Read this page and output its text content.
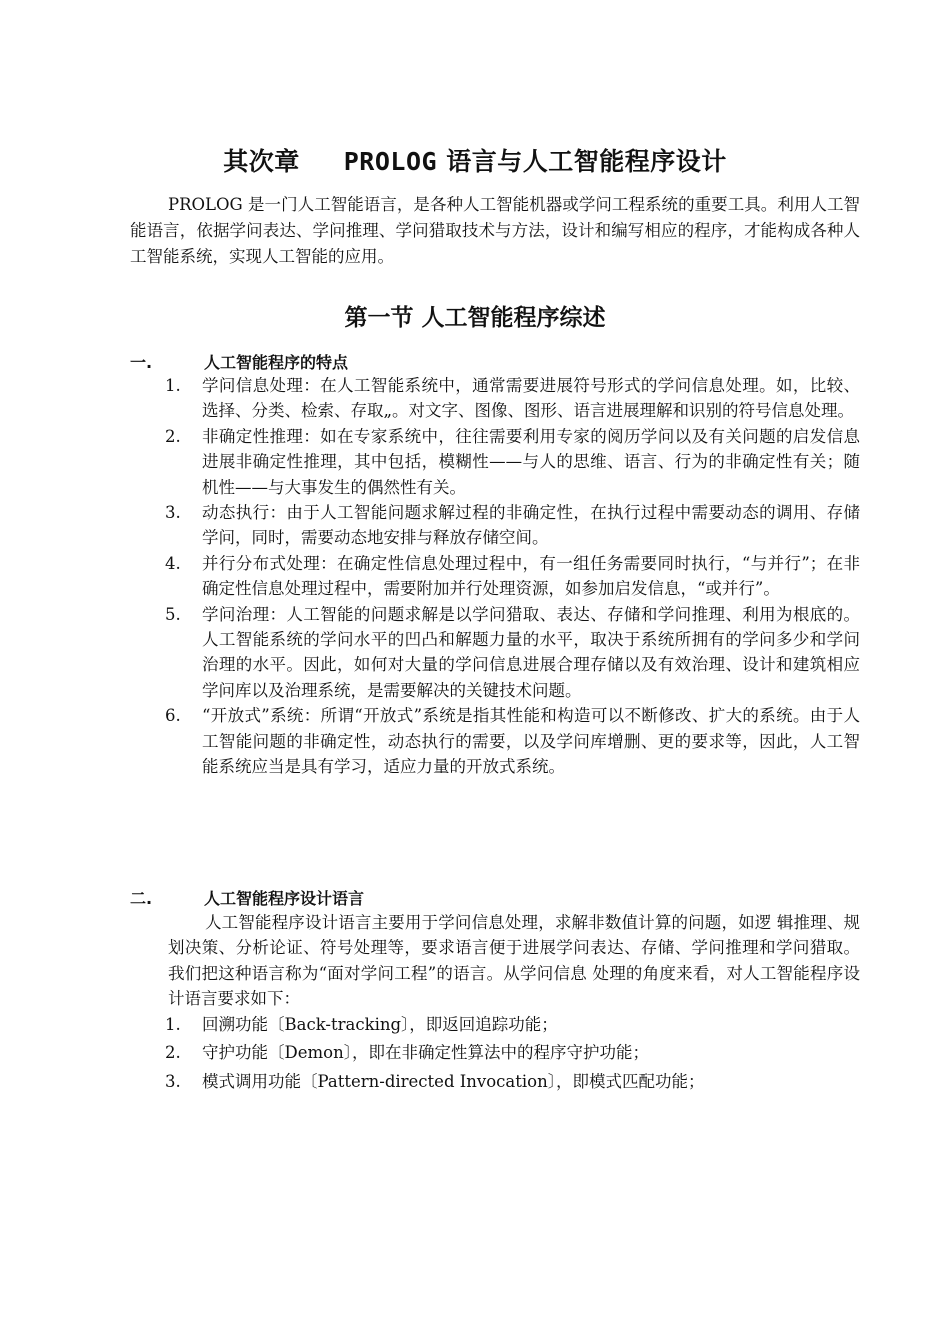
其次章 PROLOG 语言与人工智能程序设计
PROLOG 是一门人工智能语言，是各种人工智能机器或学问工程系统的重要工具。利用人工智能语言，依据学问表达、学问推理、学问猎取技术与方法，设计和编写相应的程序，才能构成各种人工智能系统，实现人工智能的应用。
第一节 人工智能程序综述
一.	人工智能程序的特点
1.	学问信息处理：在人工智能系统中，通常需要进展符号形式的学问信息处理。如，比较、选择、分类、检索、存取„。对文字、图像、图形、语言进展理解和识别的符号信息处理。
2.	非确定性推理：如在专家系统中，往往需要利用专家的阅历学问以及有关问题的启发信息进展非确定性推理，其中包括，模糊性——与人的思维、语言、行为的非确定性有关；随机性——与大事发生的偶然性有关。
3.	动态执行：由于人工智能问题求解过程的非确定性，在执行过程中需要动态的调用、存储学问，同时，需要动态地安排与释放存储空间。
4.	并行分布式处理：在确定性信息处理过程中，有一组任务需要同时执行，“与并行”；在非确定性信息处理过程中，需要附加并行处理资源，如参加启发信息，“或并行”。
5.	学问治理：人工智能的问题求解是以学问猎取、表达、存储和学问推理、利用为根底的。人工智能系统的学问水平的凹凸和解题力量的水平，取决于系统所拥有的学问多少和学问治理的水平。因此，如何对大量的学问信息进展合理存储以及有效治理、设计和建筑相应学问库以及治理系统，是需要解决的关键技术问题。
6.	“开放式”系统：所谓“开放式”系统是指其性能和构造可以不断修改、扩大的系统。由于人工智能问题的非确定性，动态执行的需要，以及学问库增删、更的要求等，因此，人工智能系统应当是具有学习，适应力量的开放式系统。
二.	人工智能程序设计语言
人工智能程序设计语言主要用于学问信息处理，求解非数值计算的问题，如逻 辑推理、规划决策、分析论证、符号处理等，要求语言便于进展学问表达、存储、学问推理和学问猎取。我们把这种语言称为“面对学问工程”的语言。从学问信息 处理的角度来看，对人工智能程序设计语言要求如下：
1.	回溯功能〔Back-tracking〕，即返回追踪功能；
2.	守护功能〔Demon〕，即在非确定性算法中的程序守护功能；
3.	模式调用功能〔Pattern-directed Invocation〕，即模式匹配功能；
